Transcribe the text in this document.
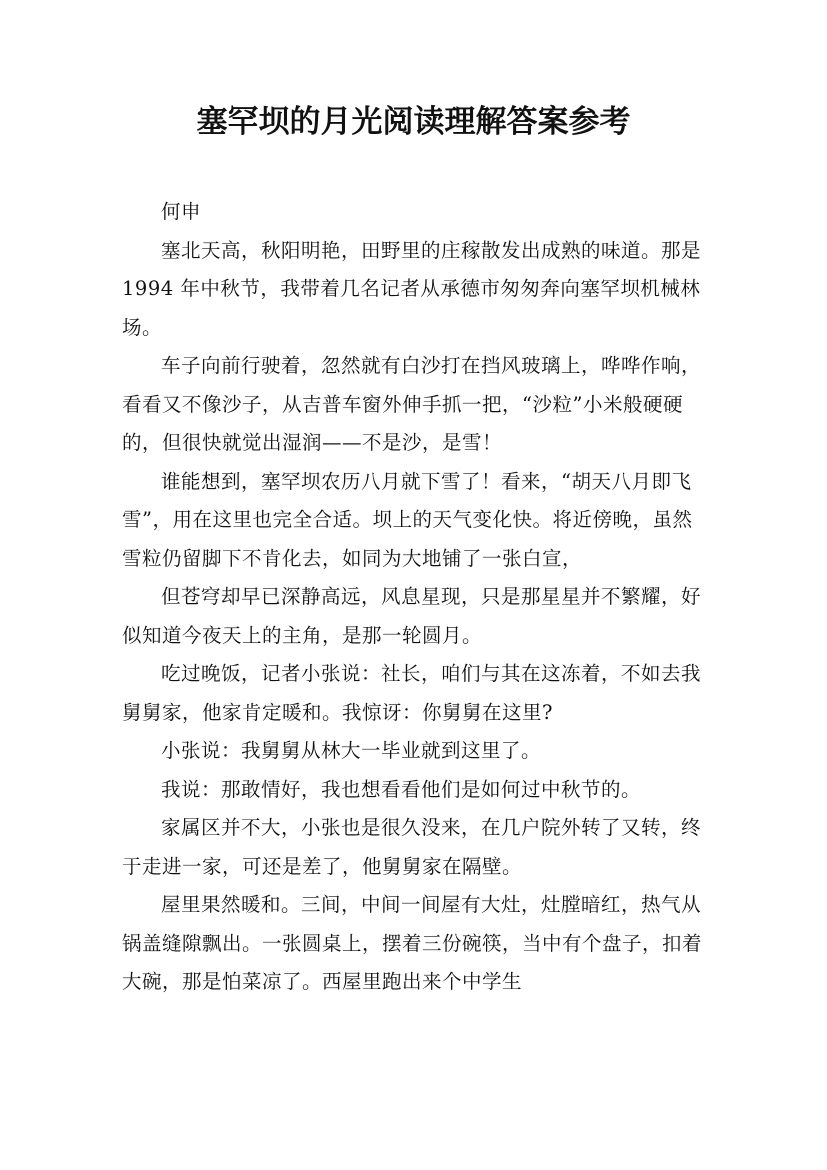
塞罕坝的月光阅读理解答案参考

何申

塞北天高，秋阳明艳，田野里的庄稼散发出成熟的味道。那是 1994 年中秋节，我带着几名记者从承德市匆匆奔向塞罕坝机械林场。

车子向前行驶着，忽然就有白沙打在挡风玻璃上，哗哗作响，看看又不像沙子，从吉普车窗外伸手抓一把，“沙粒”小米般硬硬的，但很快就觉出湿润——不是沙，是雪！

谁能想到，塞罕坝农历八月就下雪了！看来，“胡天八月即飞雪”，用在这里也完全合适。坝上的天气变化快。将近傍晚，虽然雪粒仍留脚下不肯化去，如同为大地铺了一张白宣，

但苍穹却早已深静高远，风息星现，只是那星星并不繁耀，好似知道今夜天上的主角，是那一轮圆月。

吃过晚饭，记者小张说：社长，咱们与其在这冻着，不如去我舅舅家，他家肯定暖和。我惊讶：你舅舅在这里?

小张说：我舅舅从林大一毕业就到这里了。

我说：那敢情好，我也想看看他们是如何过中秋节的。

家属区并不大，小张也是很久没来，在几户院外转了又转，终于走进一家，可还是差了，他舅舅家在隔壁。

屋里果然暖和。三间，中间一间屋有大灶，灶膛暗红，热气从锅盖缝隙飘出。一张圆桌上，摆着三份碗筷，当中有个盘子，扣着大碗，那是怕菜凉了。西屋里跑出来个中学生
